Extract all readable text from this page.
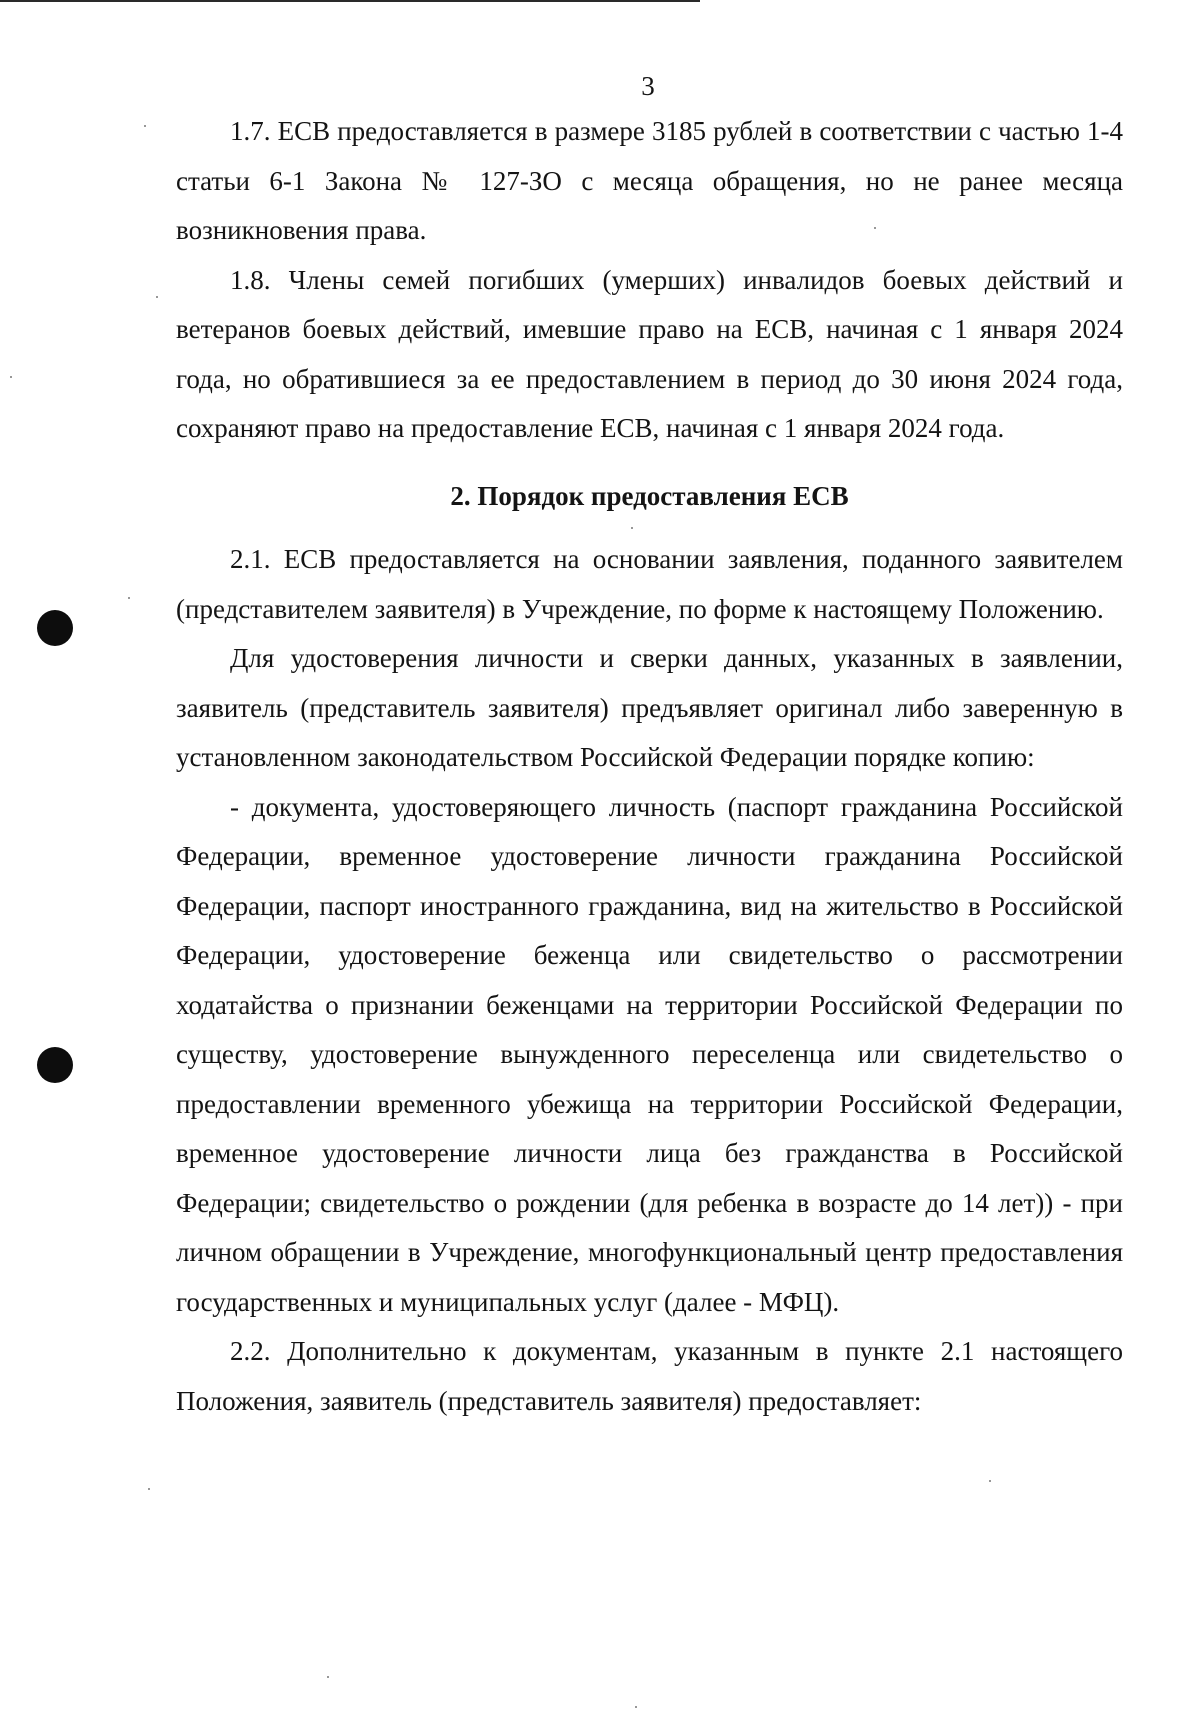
3

1.7. ЕСВ предоставляется в размере 3185 рублей в соответствии с частью 1-4 статьи 6-1 Закона № 127-ЗО с месяца обращения, но не ранее месяца возникновения права.

1.8. Члены семей погибших (умерших) инвалидов боевых действий и ветеранов боевых действий, имевшие право на ЕСВ, начиная с 1 января 2024 года, но обратившиеся за ее предоставлением в период до 30 июня 2024 года, сохраняют право на предоставление ЕСВ, начиная с 1 января 2024 года.

2. Порядок предоставления ЕСВ

2.1. ЕСВ предоставляется на основании заявления, поданного заявителем (представителем заявителя) в Учреждение, по форме к настоящему Положению.

Для удостоверения личности и сверки данных, указанных в заявлении, заявитель (представитель заявителя) предъявляет оригинал либо заверенную в установленном законодательством Российской Федерации порядке копию:

- документа, удостоверяющего личность (паспорт гражданина Российской Федерации, временное удостоверение личности гражданина Российской Федерации, паспорт иностранного гражданина, вид на жительство в Российской Федерации, удостоверение беженца или свидетельство о рассмотрении ходатайства о признании беженцами на территории Российской Федерации по существу, удостоверение вынужденного переселенца или свидетельство о предоставлении временного убежища на территории Российской Федерации, временное удостоверение личности лица без гражданства в Российской Федерации; свидетельство о рождении (для ребенка в возрасте до 14 лет)) - при личном обращении в Учреждение, многофункциональный центр предоставления государственных и муниципальных услуг (далее - МФЦ).

2.2. Дополнительно к документам, указанным в пункте 2.1 настоящего Положения, заявитель (представитель заявителя) предоставляет:
